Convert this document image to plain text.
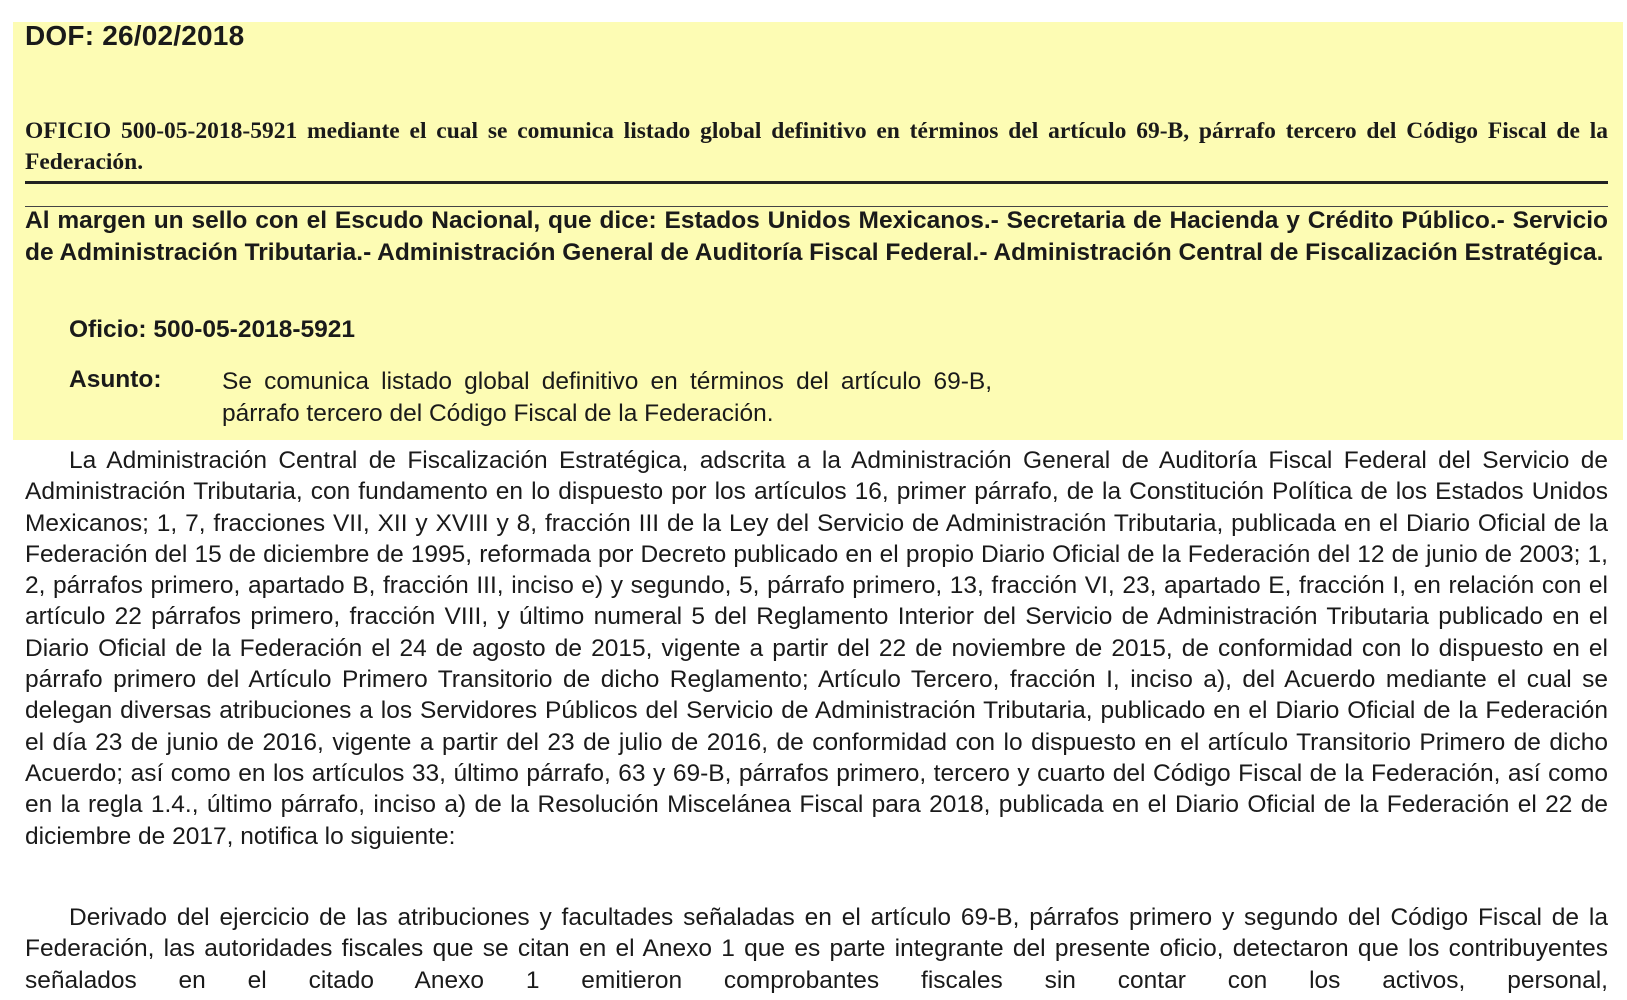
DOF: 26/02/2018
OFICIO 500-05-2018-5921 mediante el cual se comunica listado global definitivo en términos del artículo 69-B, párrafo tercero del Código Fiscal de la Federación.
Al margen un sello con el Escudo Nacional, que dice: Estados Unidos Mexicanos.- Secretaria de Hacienda y Crédito Público.- Servicio de Administración Tributaria.- Administración General de Auditoría Fiscal Federal.- Administración Central de Fiscalización Estratégica.
Oficio: 500-05-2018-5921
Asunto: Se comunica listado global definitivo en términos del artículo 69-B, párrafo tercero del Código Fiscal de la Federación.

La Administración Central de Fiscalización Estratégica, adscrita a la Administración General de Auditoría Fiscal Federal del Servicio de Administración Tributaria, con fundamento en lo dispuesto por los artículos 16, primer párrafo, de la Constitución Política de los Estados Unidos Mexicanos; 1, 7, fracciones VII, XII y XVIII y 8, fracción III de la Ley del Servicio de Administración Tributaria, publicada en el Diario Oficial de la Federación del 15 de diciembre de 1995, reformada por Decreto publicado en el propio Diario Oficial de la Federación del 12 de junio de 2003; 1, 2, párrafos primero, apartado B, fracción III, inciso e) y segundo, 5, párrafo primero, 13, fracción VI, 23, apartado E, fracción I, en relación con el artículo 22 párrafos primero, fracción VIII, y último numeral 5 del Reglamento Interior del Servicio de Administración Tributaria publicado en el Diario Oficial de la Federación el 24 de agosto de 2015, vigente a partir del 22 de noviembre de 2015, de conformidad con lo dispuesto en el párrafo primero del Artículo Primero Transitorio de dicho Reglamento; Artículo Tercero, fracción I, inciso a), del Acuerdo mediante el cual se delegan diversas atribuciones a los Servidores Públicos del Servicio de Administración Tributaria, publicado en el Diario Oficial de la Federación el día 23 de junio de 2016, vigente a partir del 23 de julio de 2016, de conformidad con lo dispuesto en el artículo Transitorio Primero de dicho Acuerdo; así como en los artículos 33, último párrafo, 63 y 69-B, párrafos primero, tercero y cuarto del Código Fiscal de la Federación, así como en la regla 1.4., último párrafo, inciso a) de la Resolución Miscelánea Fiscal para 2018, publicada en el Diario Oficial de la Federación el 22 de diciembre de 2017, notifica lo siguiente:

Derivado del ejercicio de las atribuciones y facultades señaladas en el artículo 69-B, párrafos primero y segundo del Código Fiscal de la Federación, las autoridades fiscales que se citan en el Anexo 1 que es parte integrante del presente oficio, detectaron que los contribuyentes señalados en el citado Anexo 1 emitieron comprobantes fiscales sin contar con los activos, personal,
